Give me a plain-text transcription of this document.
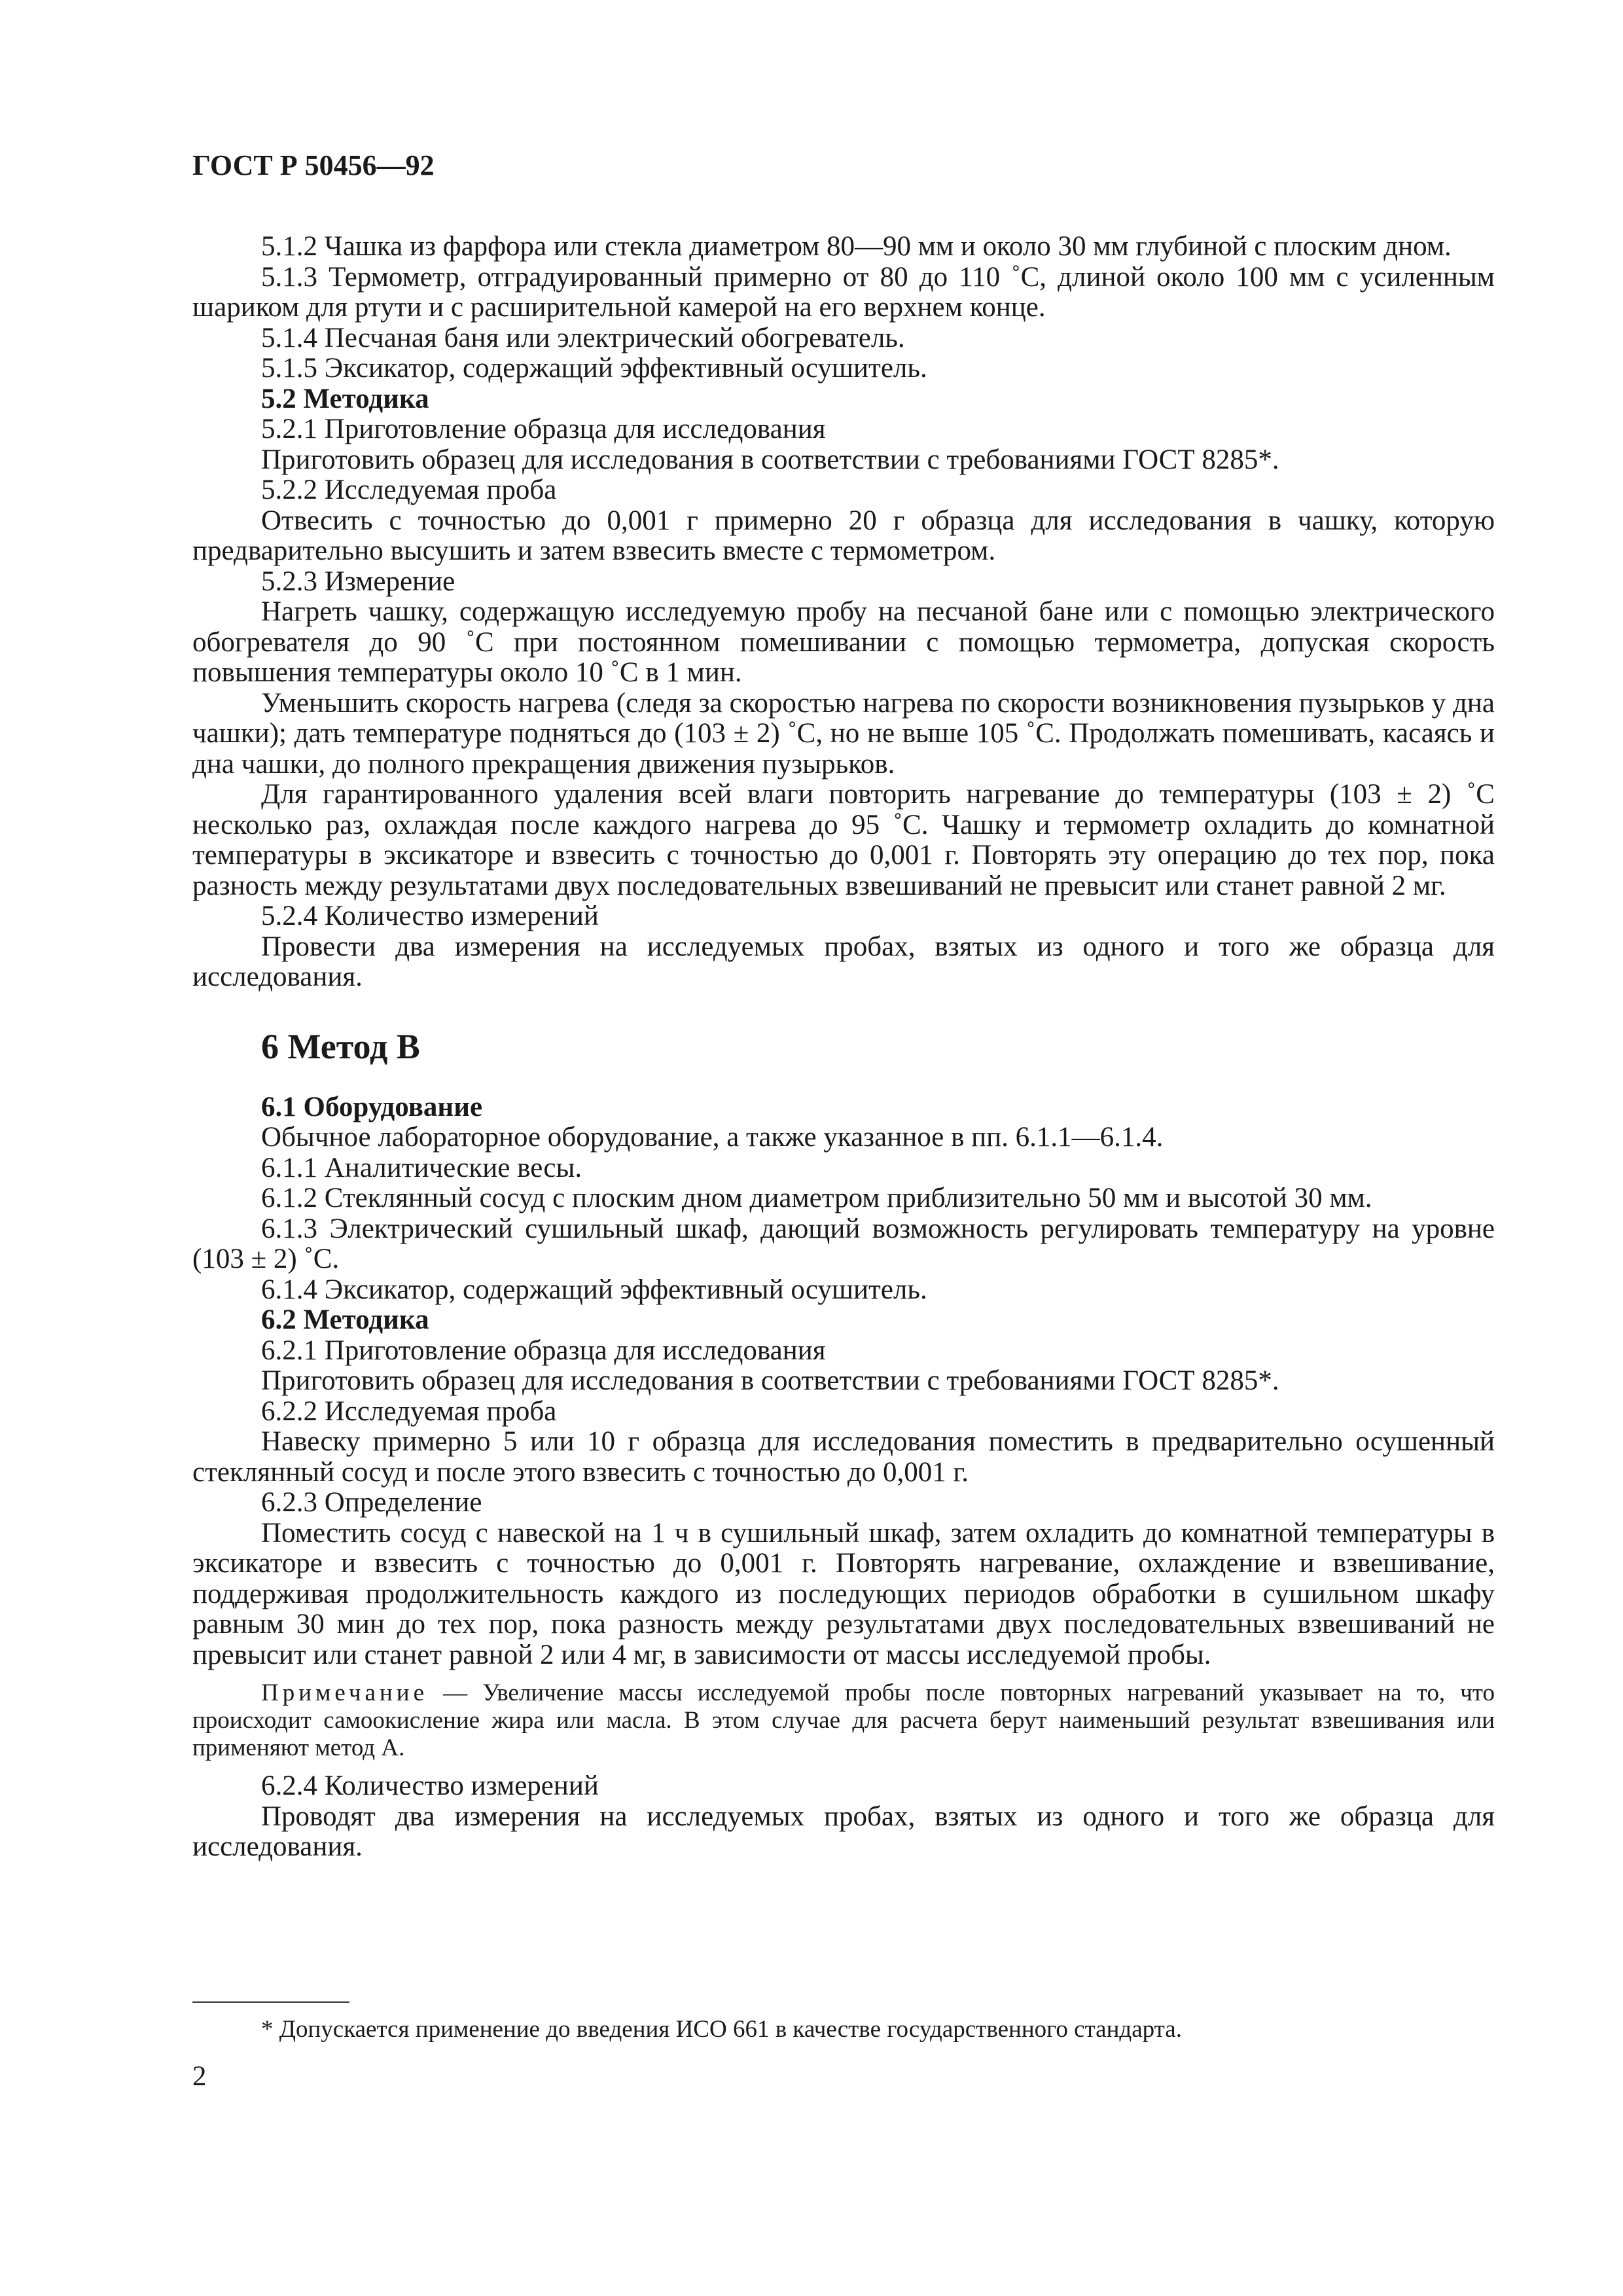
ГОСТ Р 50456—92

5.1.2 Чашка из фарфора или стекла диаметром 80—90 мм и около 30 мм глубиной с плоским дном.

5.1.3 Термометр, отградуированный примерно от 80 до 110 ˚С, длиной около 100 мм с усиленным шариком для ртути и с расширительной камерой на его верхнем конце.

5.1.4 Песчаная баня или электрический обогреватель.

5.1.5 Эксикатор, содержащий эффективный осушитель.

5.2 Методика

5.2.1 Приготовление образца для исследования

Приготовить образец для исследования в соответствии с требованиями ГОСТ 8285*.

5.2.2 Исследуемая проба

Отвесить с точностью до 0,001 г примерно 20 г образца для исследования в чашку, которую предварительно высушить и затем взвесить вместе с термометром.

5.2.3 Измерение

Нагреть чашку, содержащую исследуемую пробу на песчаной бане или с помощью электрического обогревателя до 90 ˚С при постоянном помешивании с помощью термометра, допуская скорость повышения температуры около 10 ˚С в 1 мин.

Уменьшить скорость нагрева (следя за скоростью нагрева по скорости возникновения пузырьков у дна чашки); дать температуре подняться до (103 ± 2) ˚С, но не выше 105 ˚С. Продолжать помешивать, касаясь и дна чашки, до полного прекращения движения пузырьков.

Для гарантированного удаления всей влаги повторить нагревание до температуры (103 ± 2) ˚С несколько раз, охлаждая после каждого нагрева до 95 ˚С. Чашку и термометр охладить до комнатной температуры в эксикаторе и взвесить с точностью до 0,001 г. Повторять эту операцию до тех пор, пока разность между результатами двух последовательных взвешиваний не превысит или станет равной 2 мг.

5.2.4 Количество измерений

Провести два измерения на исследуемых пробах, взятых из одного и того же образца для исследования.

6 Метод В

6.1 Оборудование

Обычное лабораторное оборудование, а также указанное в пп. 6.1.1—6.1.4.

6.1.1 Аналитические весы.

6.1.2 Стеклянный сосуд с плоским дном диаметром приблизительно 50 мм и высотой 30 мм.

6.1.3 Электрический сушильный шкаф, дающий возможность регулировать температуру на уровне (103 ± 2) ˚С.

6.1.4 Эксикатор, содержащий эффективный осушитель.

6.2 Методика

6.2.1 Приготовление образца для исследования

Приготовить образец для исследования в соответствии с требованиями ГОСТ 8285*.

6.2.2 Исследуемая проба

Навеску примерно 5 или 10 г образца для исследования поместить в предварительно осушенный стеклянный сосуд и после этого взвесить с точностью до 0,001 г.

6.2.3 Определение

Поместить сосуд с навеской на 1 ч в сушильный шкаф, затем охладить до комнатной температуры в эксикаторе и взвесить с точностью до 0,001 г. Повторять нагревание, охлаждение и взвешивание, поддерживая продолжительность каждого из последующих периодов обработки в сушильном шкафу равным 30 мин до тех пор, пока разность между результатами двух последовательных взвешиваний не превысит или станет равной 2 или 4 мг, в зависимости от массы исследуемой пробы.

Примечание — Увеличение массы исследуемой пробы после повторных нагреваний указывает на то, что происходит самоокисление жира или масла. В этом случае для расчета берут наименьший результат взвешивания или применяют метод А.

6.2.4 Количество измерений

Проводят два измерения на исследуемых пробах, взятых из одного и того же образца для исследования.

* Допускается применение до введения ИСО 661 в качестве государственного стандарта.

2
